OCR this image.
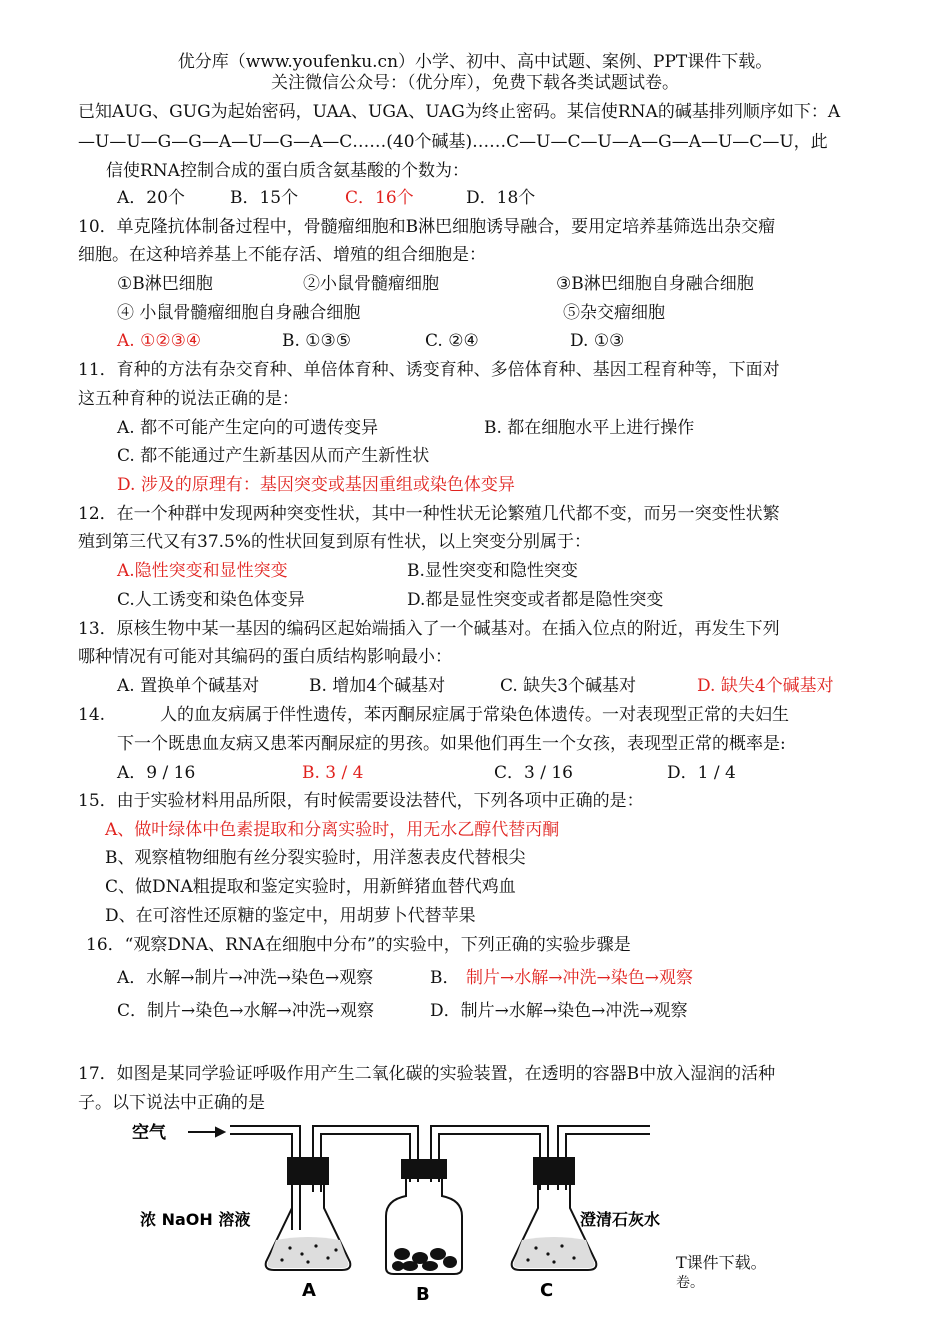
优分库（www.youfenku.cn）小学、初中、高中试题、案例、PPT课件下载。
关注微信公众号：（优分库），免费下载各类试题试卷。
已知AUG、GUG为起始密码，UAA、UGA、UAG为终止密码。某信使RNA的碱基排列顺序如下：A
—U—U—G—G—A—U—G—A—C……(40个碱基)……C—U—C—U—A—G—A—U—C—U，此
信使RNA控制合成的蛋白质含氨基酸的个数为：
A．20个	B．15个	C．16个	D．18个
10．单克隆抗体制备过程中，骨髓瘤细胞和B淋巴细胞诱导融合，要用定培养基筛选出杂交瘤
细胞。在这种培养基上不能存活、增殖的组合细胞是：
①B淋巴细胞	②小鼠骨髓瘤细胞	③B淋巴细胞自身融合细胞
④ 小鼠骨髓瘤细胞自身融合细胞	⑤杂交瘤细胞
A. ①②③④	B. ①③⑤	C. ②④	D. ①③
11．育种的方法有杂交育种、单倍体育种、诱变育种、多倍体育种、基因工程育种等，下面对
这五种育种的说法正确的是：
A. 都不可能产生定向的可遗传变异	B. 都在细胞水平上进行操作
C. 都不能通过产生新基因从而产生新性状
D. 涉及的原理有：基因突变或基因重组或染色体变异
12．在一个种群中发现两种突变性状，其中一种性状无论繁殖几代都不变，而另一突变性状繁
殖到第三代又有37.5%的性状回复到原有性状，以上突变分别属于：
A.隐性突变和显性突变	B.显性突变和隐性突变
C.人工诱变和染色体变异	D.都是显性突变或者都是隐性突变
13．原核生物中某一基因的编码区起始端插入了一个碱基对。在插入位点的附近，再发生下列
哪种情况有可能对其编码的蛋白质结构影响最小：
A. 置换单个碱基对	B. 增加4个碱基对	C. 缺失3个碱基对	D. 缺失4个碱基对
14.	人的血友病属于伴性遗传，苯丙酮尿症属于常染色体遗传。一对表现型正常的夫妇生
下一个既患血友病又患苯丙酮尿症的男孩。如果他们再生一个女孩，表现型正常的概率是:
A．9 / 16	B. 3 / 4	C．3 / 16	D．1 / 4
15．由于实验材料用品所限，有时候需要设法替代，下列各项中正确的是：
A、做叶绿体中色素提取和分离实验时，用无水乙醇代替丙酮
B、观察植物细胞有丝分裂实验时，用洋葱表皮代替根尖
C、做DNA粗提取和鉴定实验时，用新鲜猪血替代鸡血
D、在可溶性还原糖的鉴定中，用胡萝卜代替苹果
16．“观察DNA、RNA在细胞中分布”的实验中，下列正确的实验步骤是
A．水解→制片→冲洗→染色→观察	B． 制片→水解→冲洗→染色→观察
C．制片→染色→水解→冲洗→观察	D．制片→水解→染色→冲洗→观察
17．如图是某同学验证呼吸作用产生二氧化碳的实验装置，在透明的容器B中放入湿润的活种
子。以下说法中正确的是
空气
浓 NaOH 溶液	澄清石灰水
A	B	C
T课件下载。
卷。
